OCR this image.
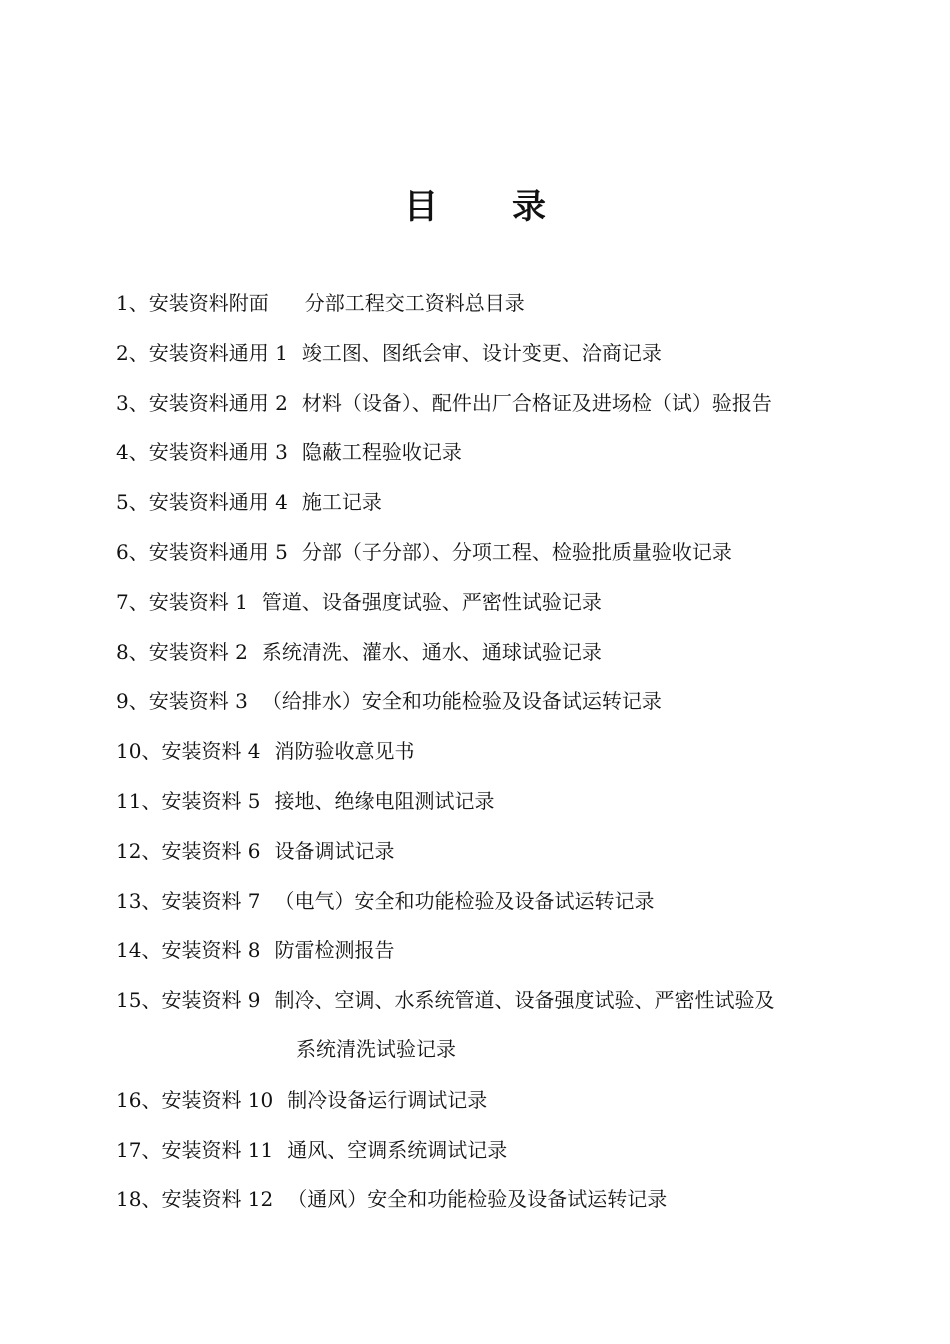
目 录
1、安装资料附面 分部工程交工资料总目录
2、安装资料通用 1 竣工图、图纸会审、设计变更、洽商记录
3、安装资料通用 2 材料（设备）、配件出厂合格证及进场检（试）验报告
4、安装资料通用 3 隐蔽工程验收记录
5、安装资料通用 4 施工记录
6、安装资料通用 5 分部（子分部）、分项工程、检验批质量验收记录
7、安装资料 1 管道、设备强度试验、严密性试验记录
8、安装资料 2 系统清洗、灌水、通水、通球试验记录
9、安装资料 3 （给排水）安全和功能检验及设备试运转记录
10、安装资料 4 消防验收意见书
11、安装资料 5 接地、绝缘电阻测试记录
12、安装资料 6 设备调试记录
13、安装资料 7 （电气）安全和功能检验及设备试运转记录
14、安装资料 8 防雷检测报告
15、安装资料 9 制冷、空调、水系统管道、设备强度试验、严密性试验及
系统清洗试验记录
16、安装资料 10 制冷设备运行调试记录
17、安装资料 11 通风、空调系统调试记录
18、安装资料 12 （通风）安全和功能检验及设备试运转记录
